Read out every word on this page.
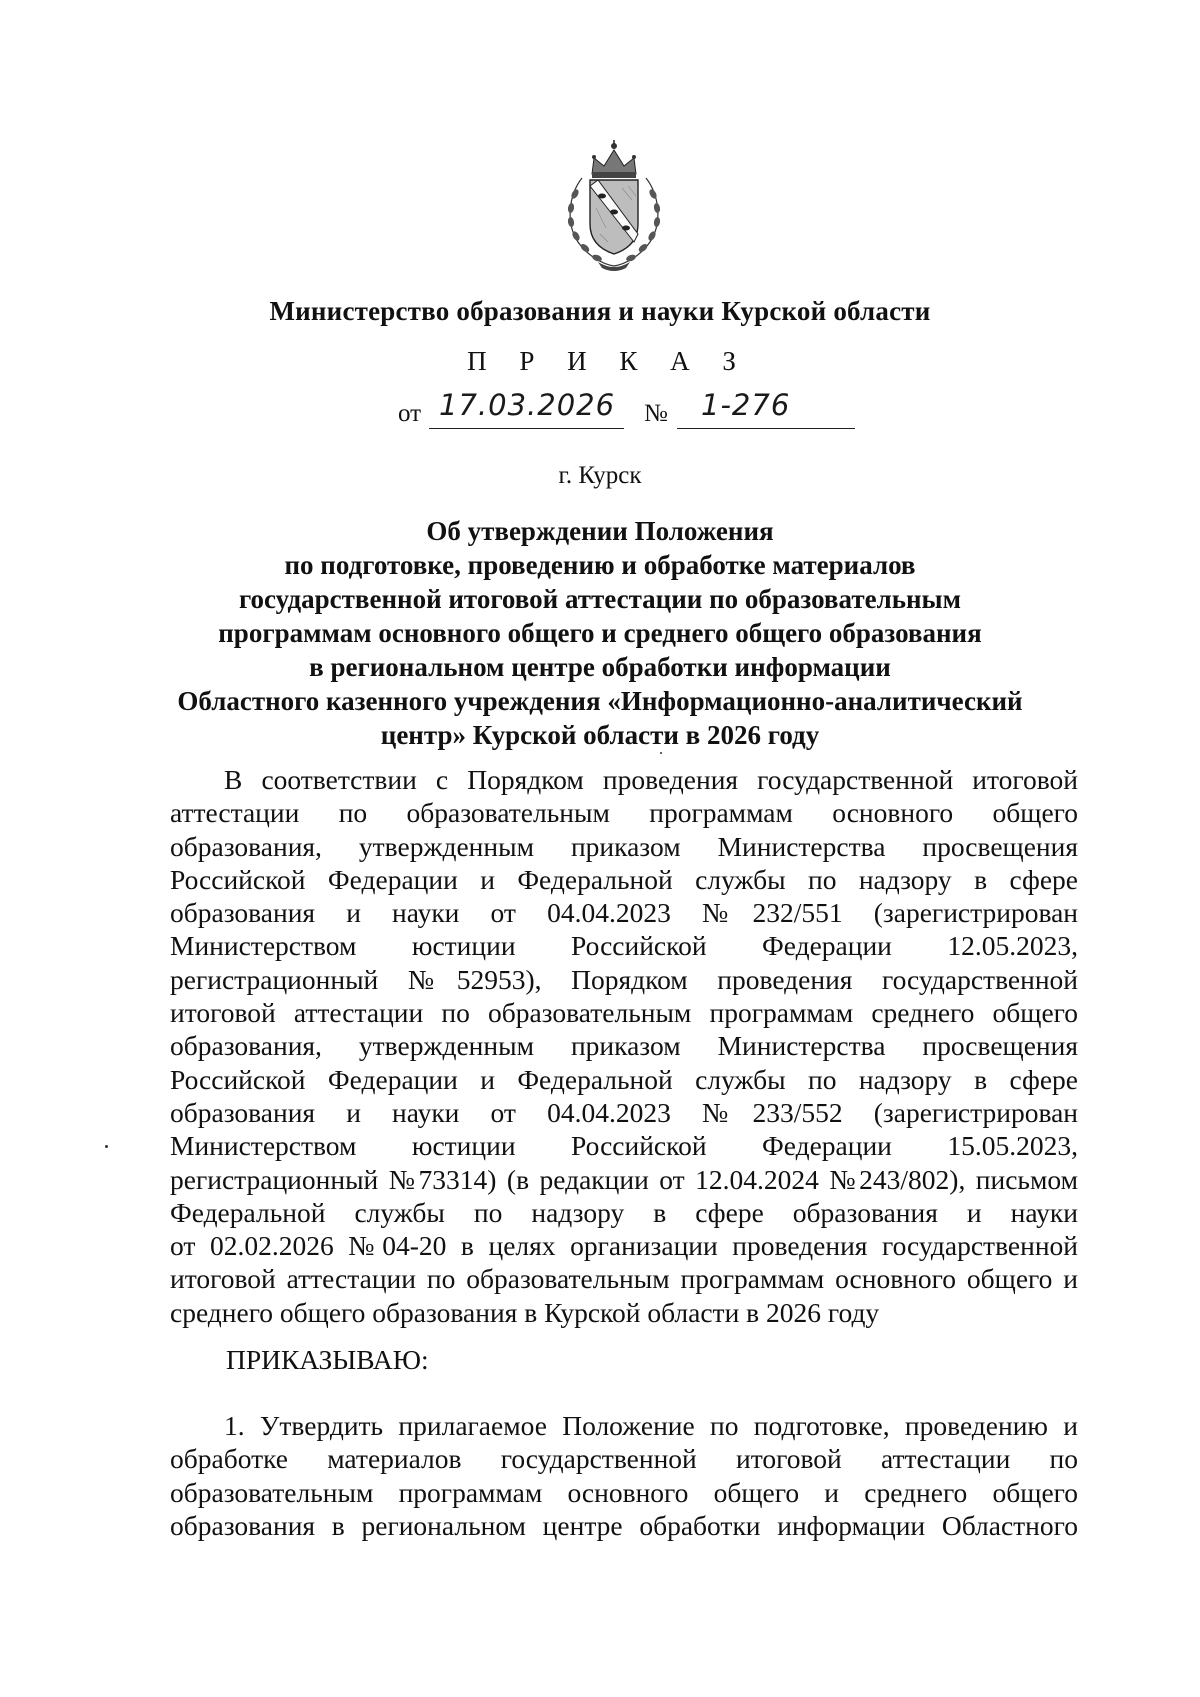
Министерство образования и науки Курской области
П Р И К А З
от 17.03.2026 № 1-276
г. Курск
Об утверждении Положения
по подготовке, проведению и обработке материалов
государственной итоговой аттестации по образовательным
программам основного общего и среднего общего образования
в региональном центре обработки информации
Областного казенного учреждения «Информационно-аналитический
центр» Курской области в 2026 году
В соответствии с Порядком проведения государственной итоговой
аттестации по образовательным программам основного общего
образования, утвержденным приказом Министерства просвещения
Российской Федерации и Федеральной службы по надзору в сфере
образования и науки от 04.04.2023 №232/551 (зарегистрирован
Министерством юстиции Российской Федерации 12.05.2023,
регистрационный №52953), Порядком проведения государственной
итоговой аттестации по образовательным программам среднего общего
образования, утвержденным приказом Министерства просвещения
Российской Федерации и Федеральной службы по надзору в сфере
образования и науки от 04.04.2023 №233/552 (зарегистрирован
Министерством юстиции Российской Федерации 15.05.2023,
регистрационный №73314) (в редакции от 12.04.2024 №243/802), письмом
Федеральной службы по надзору в сфере образования и науки
от 02.02.2026 №04-20 в целях организации проведения государственной
итоговой аттестации по образовательным программам основного общего и
среднего общего образования в Курской области в 2026 году
ПРИКАЗЫВАЮ:
1. Утвердить прилагаемое Положение по подготовке, проведению и
обработке материалов государственной итоговой аттестации по
образовательным программам основного общего и среднего общего
образования в региональном центре обработки информации Областного
